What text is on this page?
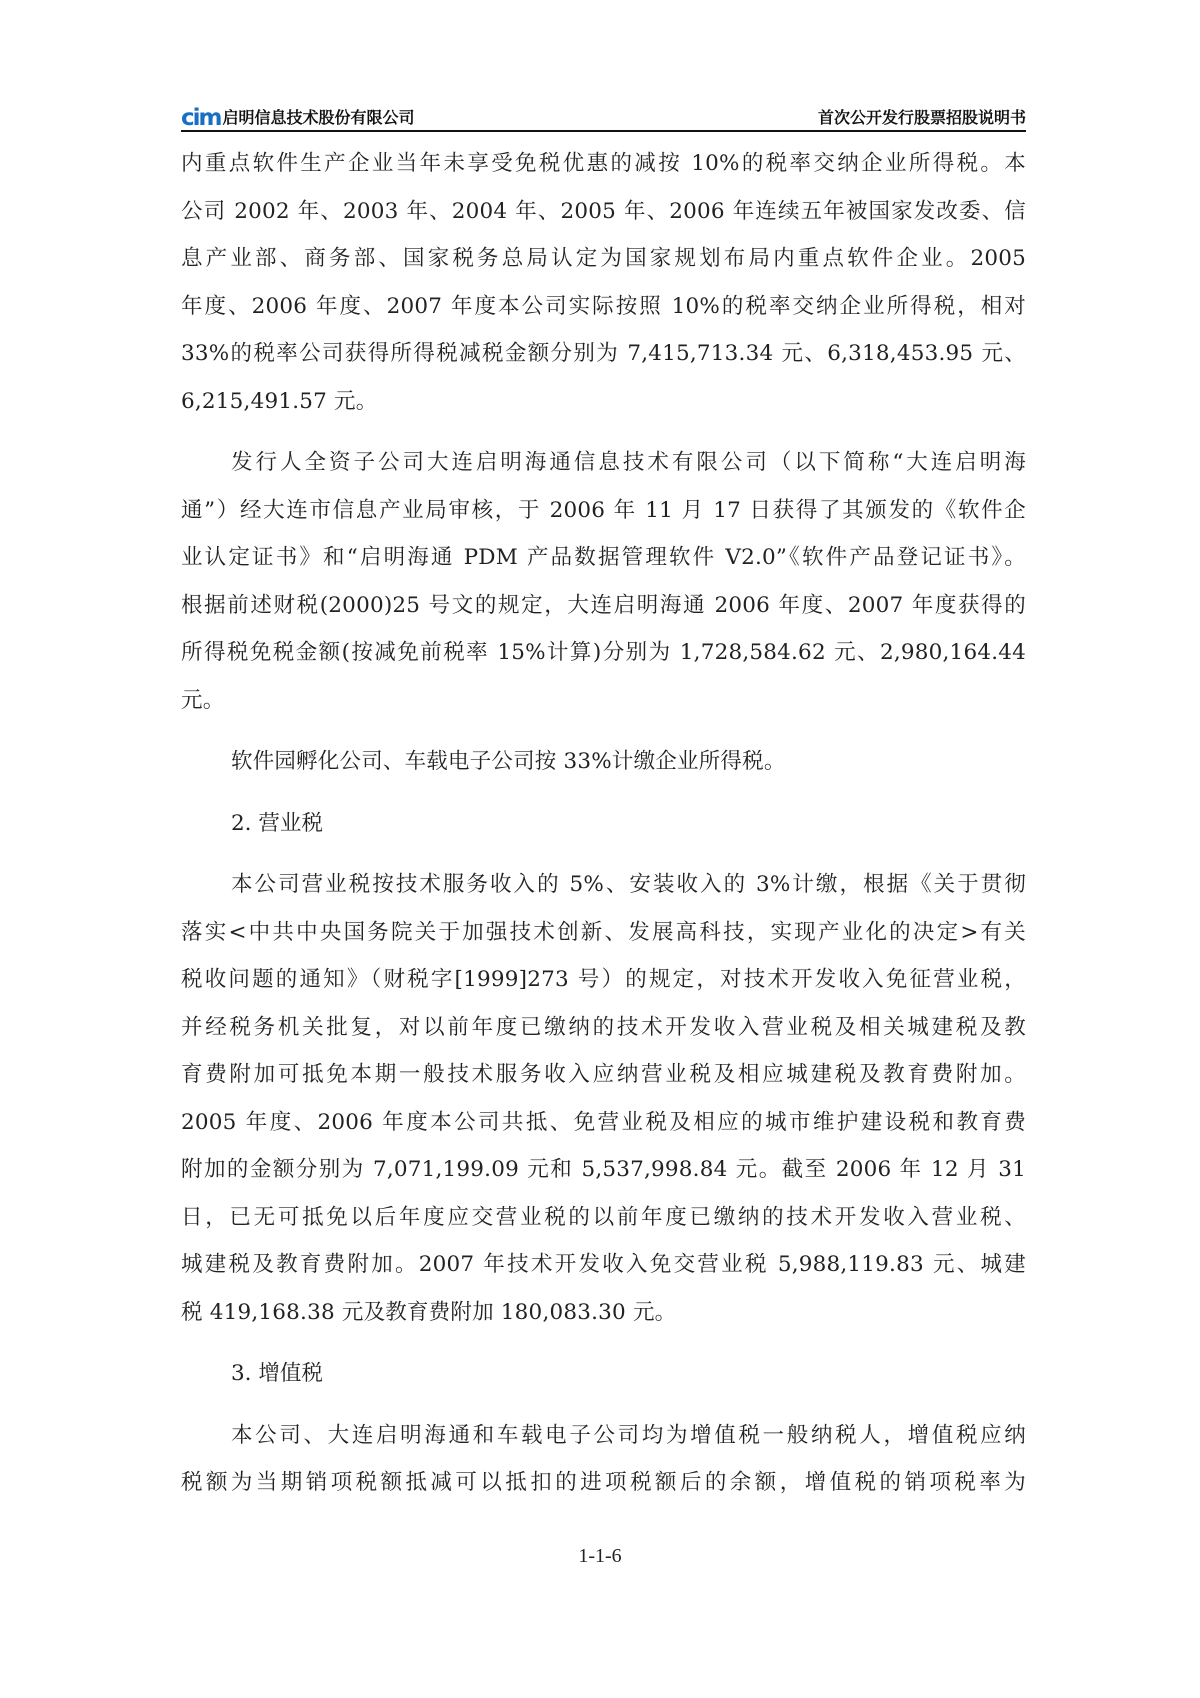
cim 启明信息技术股份有限公司	首次公开发行股票招股说明书
内重点软件生产企业当年未享受免税优惠的减按 10%的税率交纳企业所得税。本
公司 2002 年、2003 年、2004 年、2005 年、2006 年连续五年被国家发改委、信
息产业部、商务部、国家税务总局认定为国家规划布局内重点软件企业。2005
年度、2006 年度、2007 年度本公司实际按照 10%的税率交纳企业所得税，相对
33%的税率公司获得所得税减税金额分别为 7,415,713.34 元、6,318,453.95 元、
6,215,491.57 元。
发行人全资子公司大连启明海通信息技术有限公司（以下简称“大连启明海
通”）经大连市信息产业局审核，于 2006 年 11 月 17 日获得了其颁发的《软件企
业认定证书》和“启明海通 PDM 产品数据管理软件 V2.0”《软件产品登记证书》。
根据前述财税(2000)25 号文的规定，大连启明海通 2006 年度、2007 年度获得的
所得税免税金额(按减免前税率 15%计算)分别为 1,728,584.62 元、2,980,164.44
元。
软件园孵化公司、车载电子公司按 33%计缴企业所得税。
2. 营业税
本公司营业税按技术服务收入的 5%、安装收入的 3%计缴，根据《关于贯彻
落实<中共中央国务院关于加强技术创新、发展高科技，实现产业化的决定>有关
税收问题的通知》（财税字[1999]273 号）的规定，对技术开发收入免征营业税，
并经税务机关批复，对以前年度已缴纳的技术开发收入营业税及相关城建税及教
育费附加可抵免本期一般技术服务收入应纳营业税及相应城建税及教育费附加。
2005 年度、2006 年度本公司共抵、免营业税及相应的城市维护建设税和教育费
附加的金额分别为 7,071,199.09 元和 5,537,998.84 元。截至 2006 年 12 月 31
日，已无可抵免以后年度应交营业税的以前年度已缴纳的技术开发收入营业税、
城建税及教育费附加。2007 年技术开发收入免交营业税 5,988,119.83 元、城建
税 419,168.38 元及教育费附加 180,083.30 元。
3. 增值税
本公司、大连启明海通和车载电子公司均为增值税一般纳税人，增值税应纳
税额为当期销项税额抵减可以抵扣的进项税额后的余额，增值税的销项税率为
1-1-6
